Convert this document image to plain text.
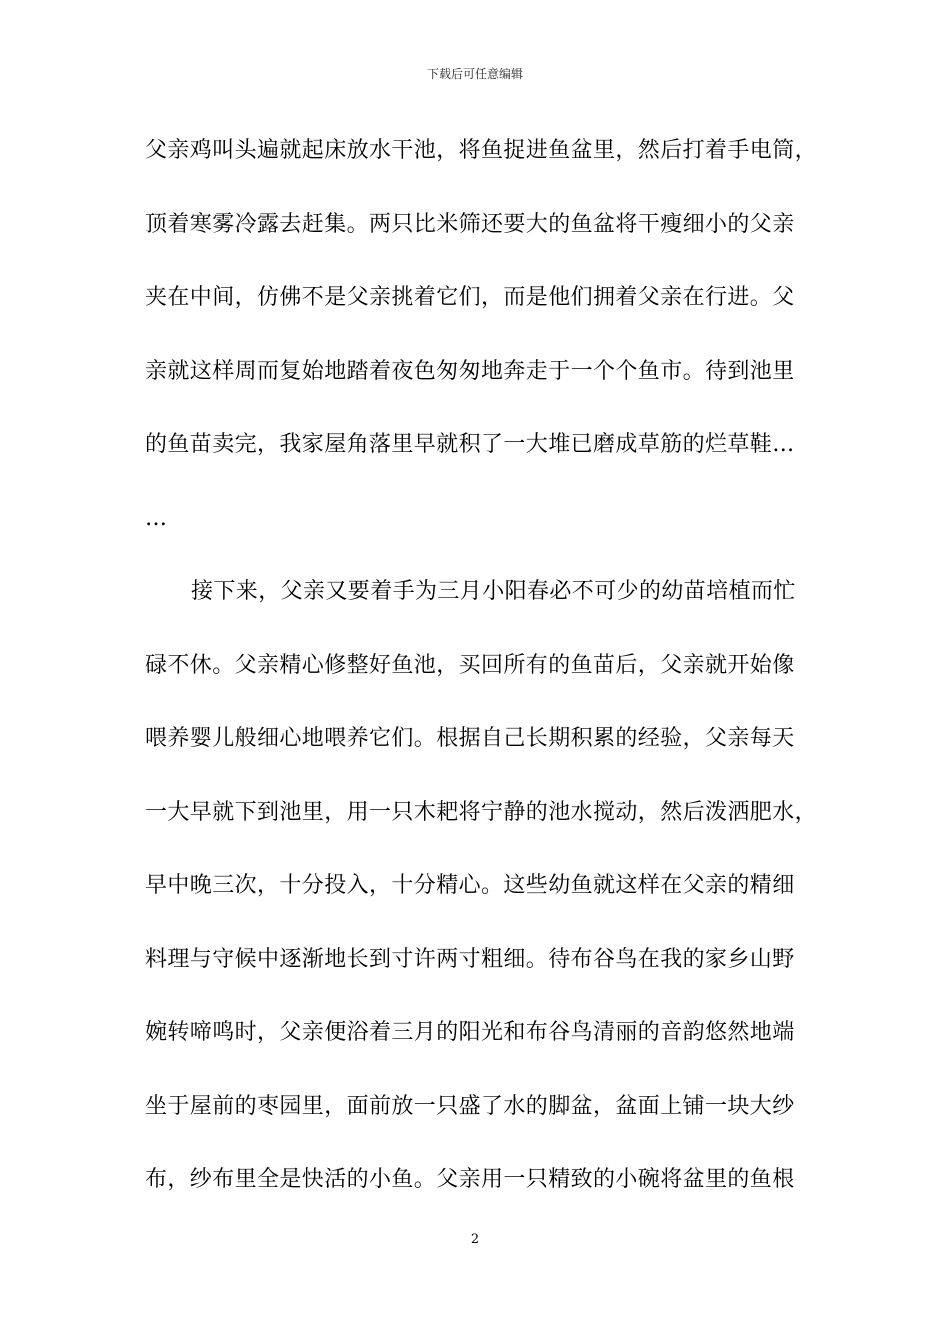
下载后可任意编辑
父亲鸡叫头遍就起床放水干池，将鱼捉进鱼盆里，然后打着手电筒，
顶着寒雾冷露去赶集。两只比米筛还要大的鱼盆将干瘦细小的父亲
夹在中间，仿佛不是父亲挑着它们，而是他们拥着父亲在行进。父
亲就这样周而复始地踏着夜色匆匆地奔走于一个个鱼市。待到池里
的鱼苗卖完，我家屋角落里早就积了一大堆已磨成草筋的烂草鞋…
…
接下来，父亲又要着手为三月小阳春必不可少的幼苗培植而忙
碌不休。父亲精心修整好鱼池，买回所有的鱼苗后，父亲就开始像
喂养婴儿般细心地喂养它们。根据自己长期积累的经验，父亲每天
一大早就下到池里，用一只木耙将宁静的池水搅动，然后泼洒肥水，
早中晚三次，十分投入，十分精心。这些幼鱼就这样在父亲的精细
料理与守候中逐渐地长到寸许两寸粗细。待布谷鸟在我的家乡山野
婉转啼鸣时，父亲便浴着三月的阳光和布谷鸟清丽的音韵悠然地端
坐于屋前的枣园里，面前放一只盛了水的脚盆，盆面上铺一块大纱
布，纱布里全是快活的小鱼。父亲用一只精致的小碗将盆里的鱼根
2
